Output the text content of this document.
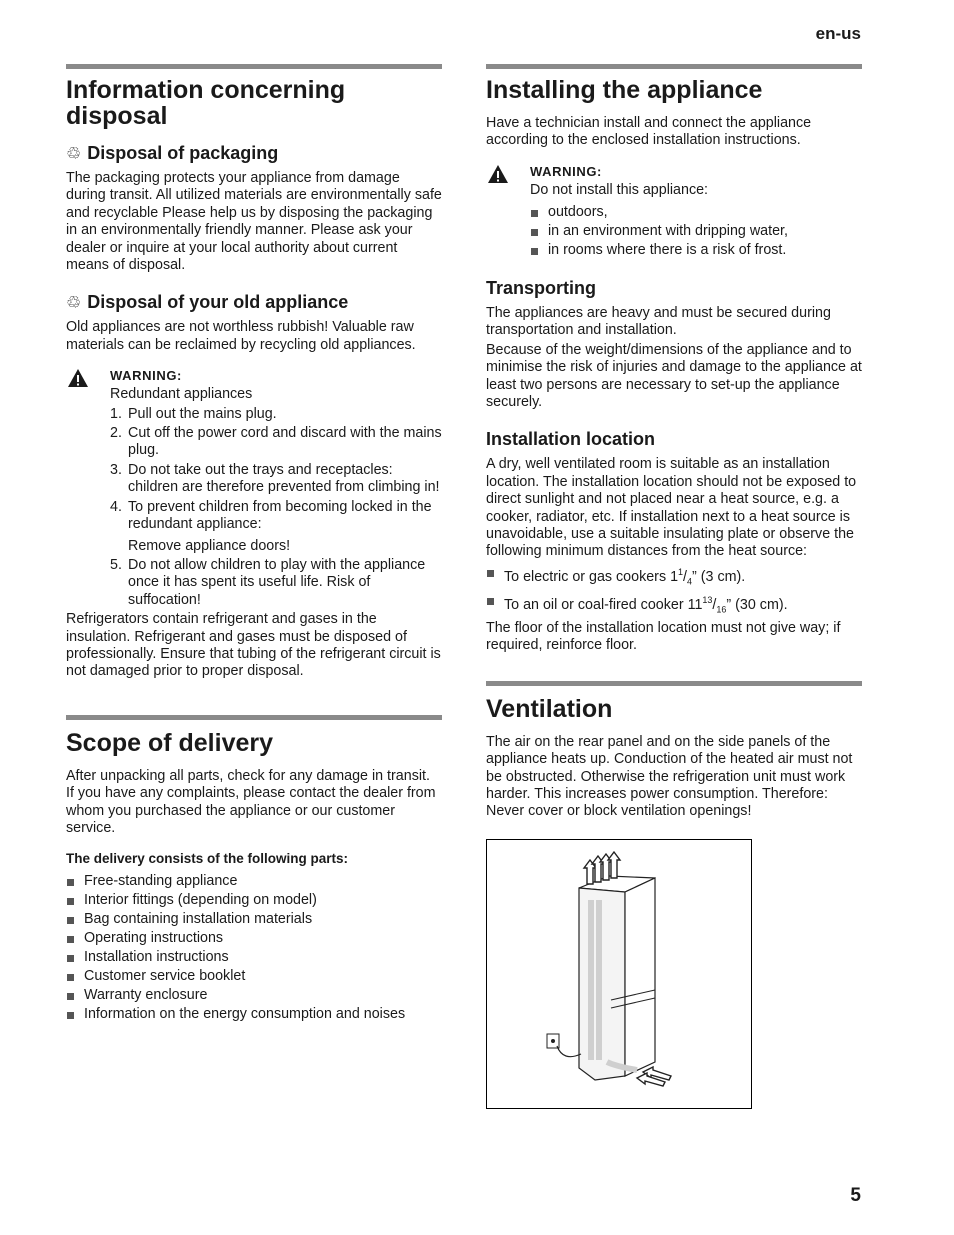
en-us
Information concerning disposal
♲ Disposal of packaging

The packaging protects your appliance from damage during transit. All utilized materials are environmentally safe and recyclable Please help us by disposing the packaging in an environmentally friendly manner. Please ask your dealer or inquire at your local authority about current means of disposal.

♲ Disposal of your old appliance

Old appliances are not worthless rubbish! Valuable raw materials can be reclaimed by recycling old appliances.

WARNING:

Redundant appliances

1. Pull out the mains plug.
2. Cut off the power cord and discard with the mains plug.
3. Do not take out the trays and receptacles: children are therefore prevented from climbing in!
4. To prevent children from becoming locked in the redundant appliance:
Remove appliance doors!
5. Do not allow children to play with the appliance once it has spent its useful life. Risk of suffocation!

Refrigerators contain refrigerant and gases in the insulation. Refrigerant and gases must be disposed of professionally. Ensure that tubing of the refrigerant circuit is not damaged prior to proper disposal.

Scope of delivery

After unpacking all parts, check for any damage in transit.

If you have any complaints, please contact the dealer from whom you purchased the appliance or our customer service.

The delivery consists of the following parts:
Free-standing appliance
Interior fittings (depending on model)
Bag containing installation materials
Operating instructions
Installation instructions
Customer service booklet
Warranty enclosure
Information on the energy consumption and noises
Installing the appliance

Have a technician install and connect the appliance according to the enclosed installation instructions.

WARNING:

Do not install this appliance:

outdoors,
in an environment with dripping water,
in rooms where there is a risk of frost.
Transporting

The appliances are heavy and must be secured during transportation and installation.

Because of the weight/dimensions of the appliance and to minimise the risk of injuries and damage to the appliance at least two persons are necessary to set-up the appliance securely.

Installation location

A dry, well ventilated room is suitable as an installation location. The installation location should not be exposed to direct sunlight and not placed near a heat source, e.g. a cooker, radiator, etc. If installation next to a heat source is unavoidable, use a suitable insulating plate or observe the following minimum distances from the heat source:

To electric or gas cookers $1^1/_4$” (3 cm).
To an oil or coal-fired cooker $11^{13}/_{16}$” (30 cm).

The floor of the installation location must not give way; if required, reinforce floor.

Ventilation

The air on the rear panel and on the side panels of the appliance heats up. Conduction of the heated air must not be obstructed. Otherwise the refrigeration unit must work harder. This increases power consumption. Therefore: Never cover or block ventilation openings!

5
